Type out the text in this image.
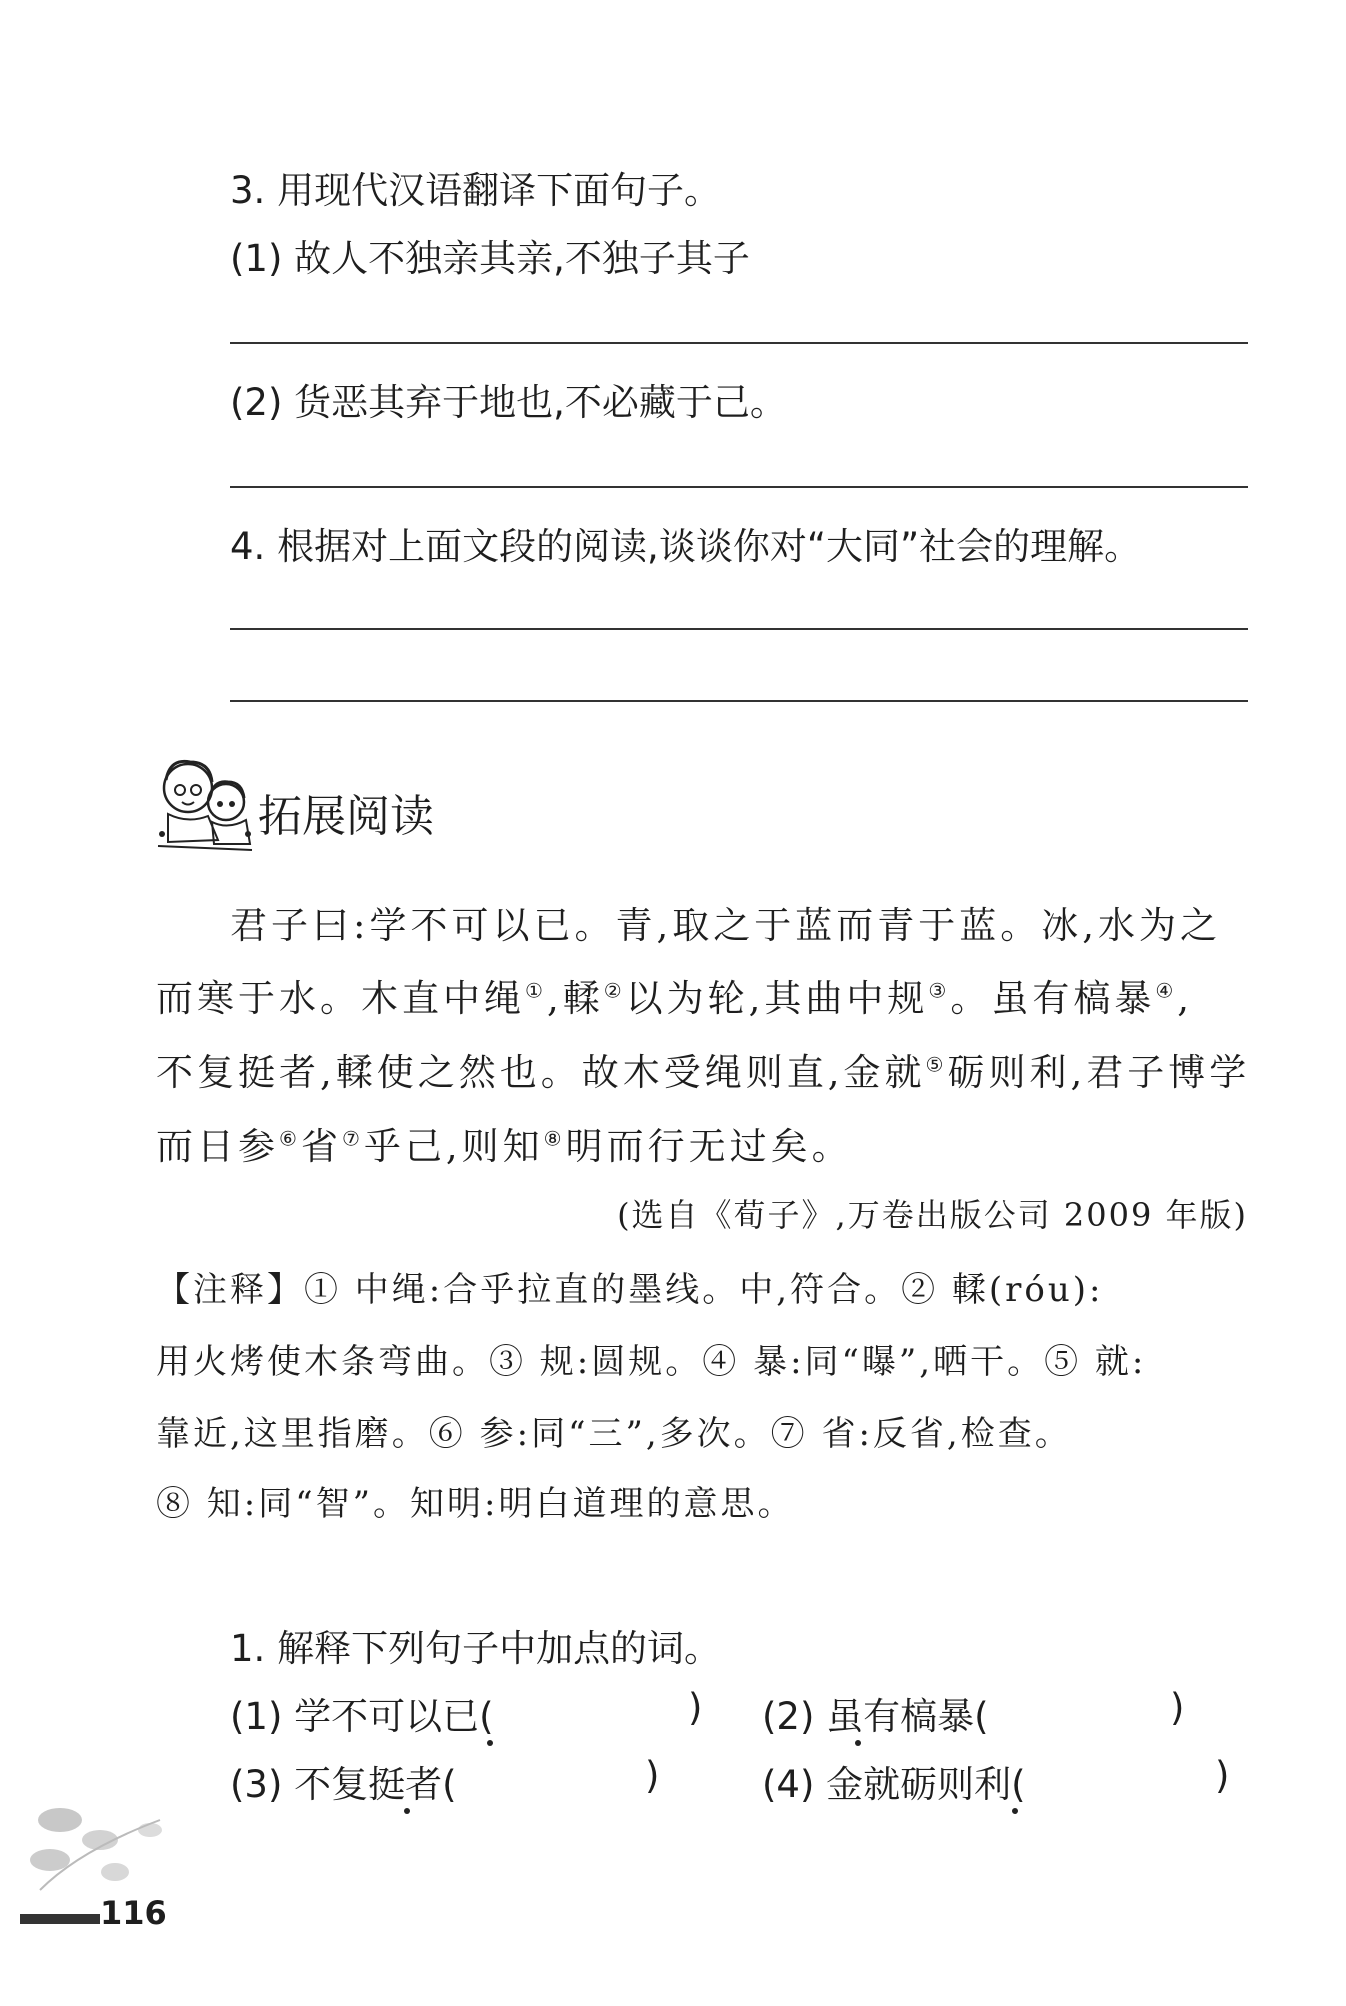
3. 用现代汉语翻译下面句子。
(1) 故人不独亲其亲,不独子其子
(2) 货恶其弃于地也,不必藏于己。
4. 根据对上面文段的阅读,谈谈你对“大同”社会的理解。
拓展阅读
君子曰:学不可以已。青,取之于蓝而青于蓝。冰,水为之
而寒于水。木直中绳①,輮②以为轮,其曲中规③。虽有槁暴④,
不复挺者,輮使之然也。故木受绳则直,金就⑤砺则利,君子博学
而日参⑥省⑦乎己,则知⑧明而行无过矣。
(选自《荀子》,万卷出版公司 2009 年版)
【注释】① 中绳:合乎拉直的墨线。中,符合。② 輮(róu):
用火烤使木条弯曲。③ 规:圆规。④ 暴:同“曝”,晒干。⑤ 就:
靠近,这里指磨。⑥ 参:同“三”,多次。⑦ 省:反省,检查。
⑧ 知:同“智”。知明:明白道理的意思。
1. 解释下列句子中加点的词。
(1) 学不可以已(	) (2) 虽有槁暴(	)
(3) 不复挺者(	)	(4) 金就砺则利(	)
116
